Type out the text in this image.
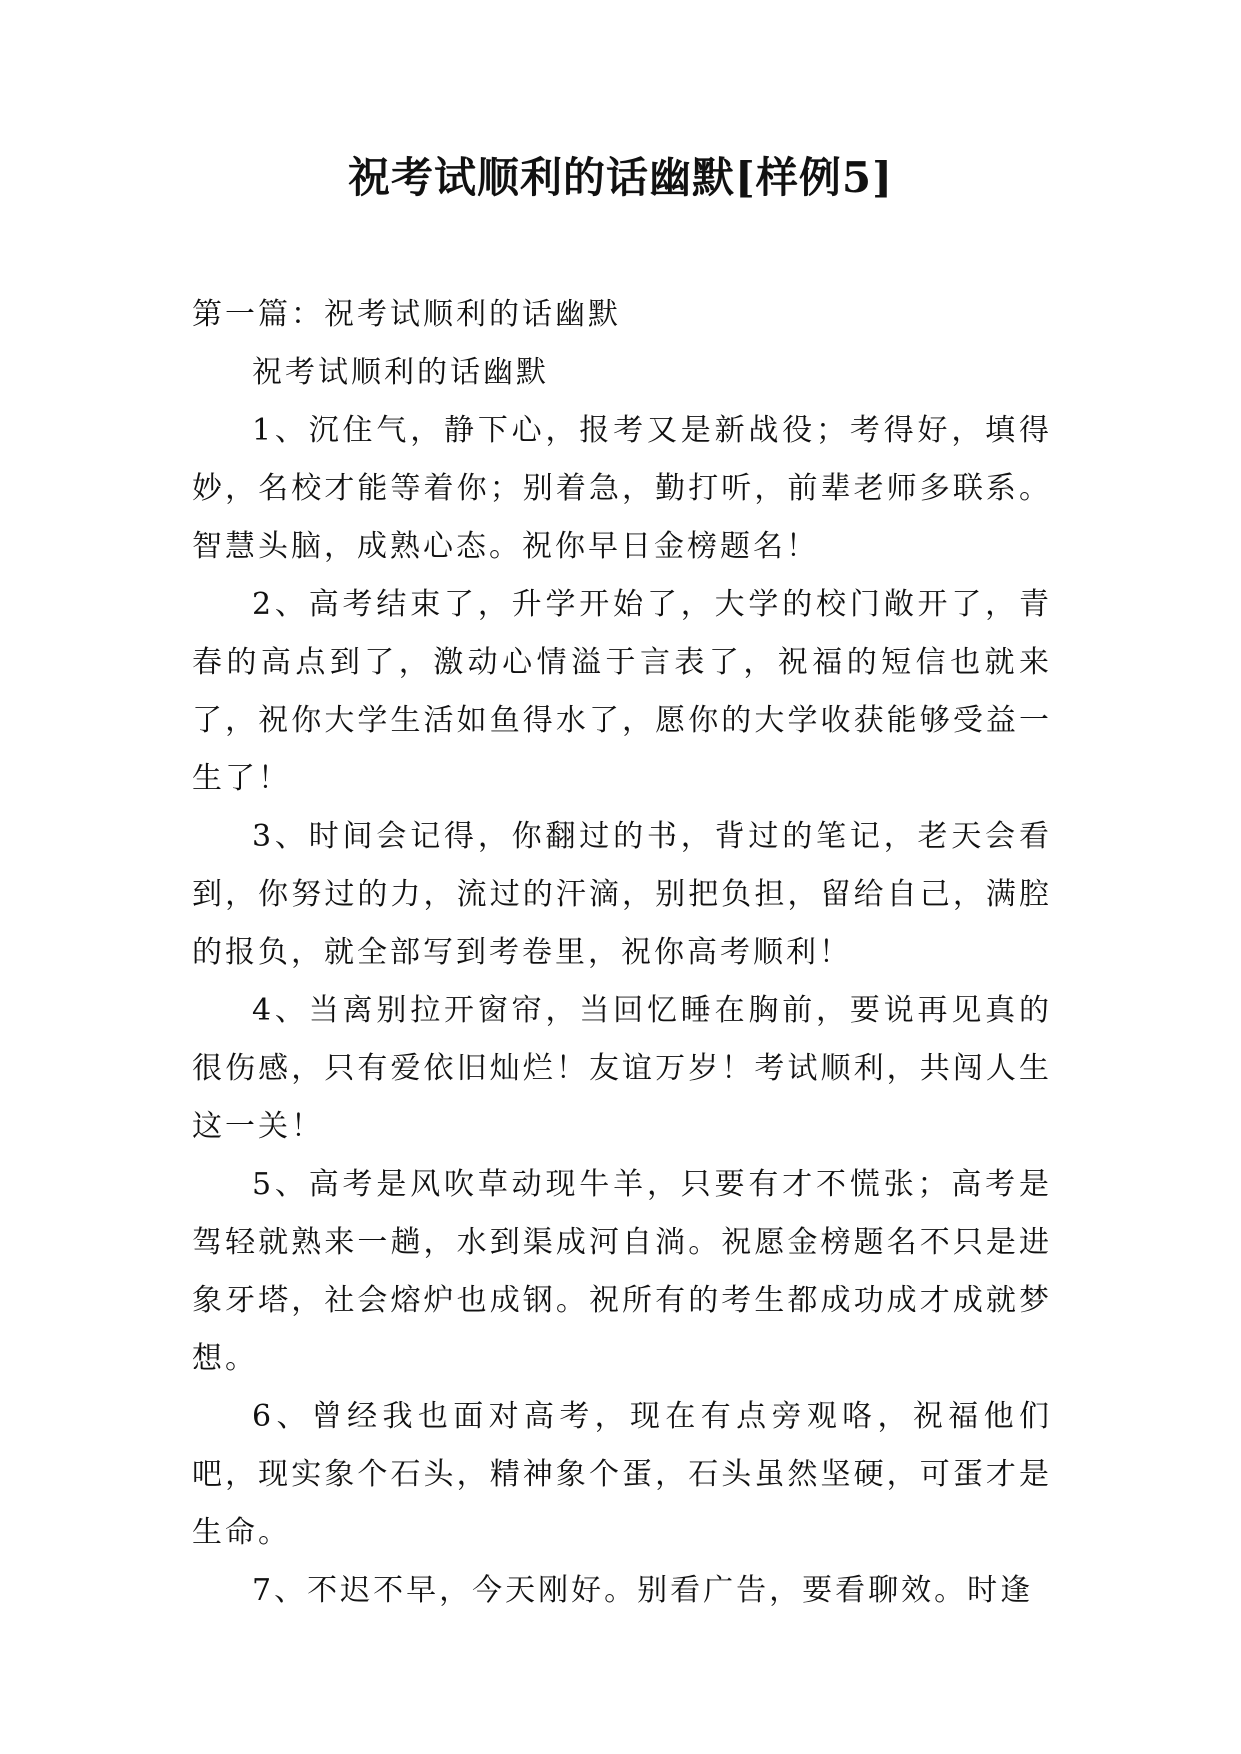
祝考试顺利的话幽默[样例5]

第一篇：祝考试顺利的话幽默

祝考试顺利的话幽默

1、沉住气，静下心，报考又是新战役；考得好，填得妙，名校才能等着你；别着急，勤打听，前辈老师多联系。智慧头脑，成熟心态。祝你早日金榜题名！

2、高考结束了，升学开始了，大学的校门敞开了，青春的高点到了，激动心情溢于言表了，祝福的短信也就来了，祝你大学生活如鱼得水了，愿你的大学收获能够受益一生了！

3、时间会记得，你翻过的书，背过的笔记，老天会看到，你努过的力，流过的汗滴，别把负担，留给自己，满腔的报负，就全部写到考卷里，祝你高考顺利！

4、当离别拉开窗帘，当回忆睡在胸前，要说再见真的很伤感，只有爱依旧灿烂！友谊万岁！考试顺利，共闯人生这一关！

5、高考是风吹草动现牛羊，只要有才不慌张；高考是驾轻就熟来一趟，水到渠成河自淌。祝愿金榜题名不只是进象牙塔，社会熔炉也成钢。祝所有的考生都成功成才成就梦想。

6、曾经我也面对高考，现在有点旁观咯，祝福他们吧，现实象个石头，精神象个蛋，石头虽然坚硬，可蛋才是生命。

7、不迟不早，今天刚好。别看广告，要看聊效。时逢
